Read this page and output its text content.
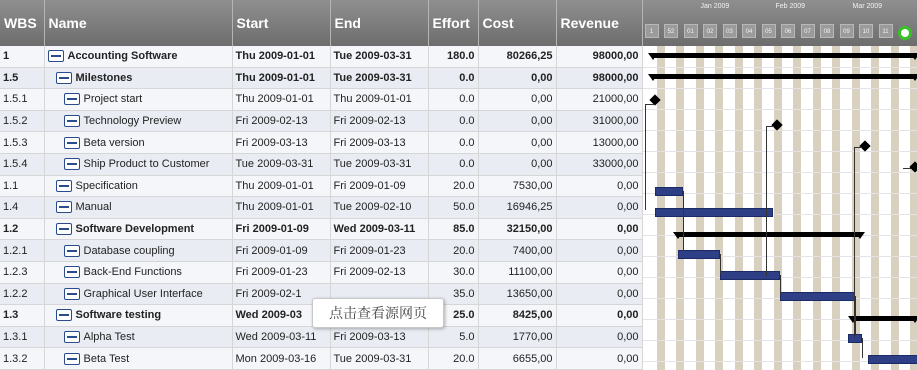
WBS	Name	Start	End	Effort	Cost	Revenue
1	Accounting Software	Thu 2009-01-01	Tue 2009-03-31	180.0	80266,25	98000,00
1.5	Milestones	Thu 2009-01-01	Tue 2009-03-31	0.0	0,00	98000,00
1.5.1	Project start	Thu 2009-01-01	Thu 2009-01-01	0.0	0,00	21000,00
1.5.2	Technology Preview	Fri 2009-02-13	Fri 2009-02-13	0.0	0,00	31000,00
1.5.3	Beta version	Fri 2009-03-13	Fri 2009-03-13	0.0	0,00	13000,00
1.5.4	Ship Product to Customer	Tue 2009-03-31	Tue 2009-03-31	0.0	0,00	33000,00
1.1	Specification	Thu 2009-01-01	Fri 2009-01-09	20.0	7530,00	0,00
1.4	Manual	Thu 2009-01-01	Tue 2009-02-10	50.0	16946,25	0,00
1.2	Software Development	Fri 2009-01-09	Wed 2009-03-11	85.0	32150,00	0,00
1.2.1	Database coupling	Fri 2009-01-09	Fri 2009-01-23	20.0	7400,00	0,00
1.2.3	Back-End Functions	Fri 2009-01-23	Fri 2009-02-13	30.0	11100,00	0,00
1.2.2	Graphical User Interface	Fri 2009-02-1		35.0	13650,00	0,00
1.3	Software testing	Wed 2009-03		25.0	8425,00	0,00
1.3.1	Alpha Test	Wed 2009-03-11	Fri 2009-03-13	5.0	1770,00	0,00
1.3.2	Beta Test	Mon 2009-03-16	Tue 2009-03-31	20.0	6655,00	0,00
Jan 2009	Feb 2009	Mar 2009
1	52	01	02	03	04	05	06	07	08	09	10	11
点击查看源网页
